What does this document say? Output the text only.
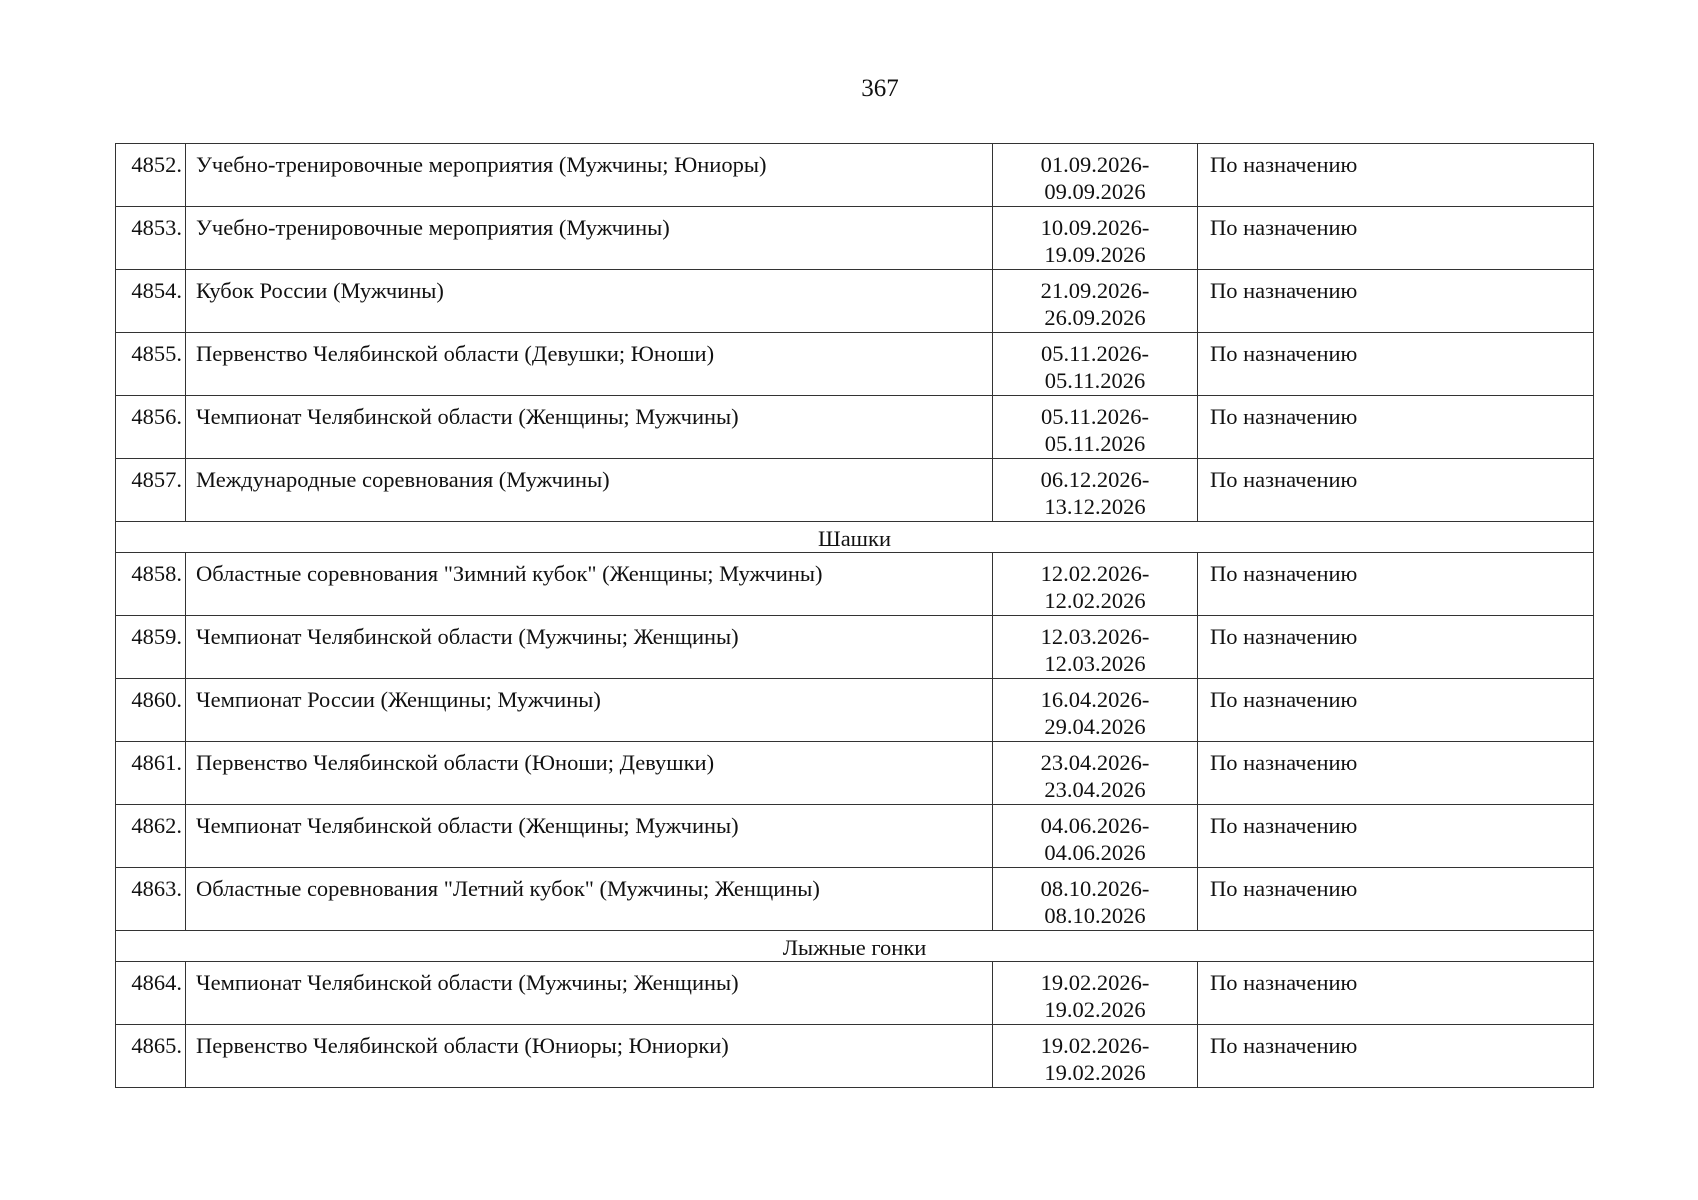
367
4852.	Учебно-тренировочные мероприятия (Мужчины; Юниоры)	01.09.2026-
09.09.2026	По назначению
4853.	Учебно-тренировочные мероприятия (Мужчины)	10.09.2026-
19.09.2026	По назначению
4854.	Кубок России (Мужчины)	21.09.2026-
26.09.2026	По назначению
4855.	Первенство Челябинской области (Девушки; Юноши)	05.11.2026-
05.11.2026	По назначению
4856.	Чемпионат Челябинской области (Женщины; Мужчины)	05.11.2026-
05.11.2026	По назначению
4857.	Международные соревнования (Мужчины)	06.12.2026-
13.12.2026	По назначению
Шашки			
4858.	Областные соревнования "Зимний кубок" (Женщины; Мужчины)	12.02.2026-
12.02.2026	По назначению
4859.	Чемпионат Челябинской области (Мужчины; Женщины)	12.03.2026-
12.03.2026	По назначению
4860.	Чемпионат России (Женщины; Мужчины)	16.04.2026-
29.04.2026	По назначению
4861.	Первенство Челябинской области (Юноши; Девушки)	23.04.2026-
23.04.2026	По назначению
4862.	Чемпионат Челябинской области (Женщины; Мужчины)	04.06.2026-
04.06.2026	По назначению
4863.	Областные соревнования "Летний кубок" (Мужчины; Женщины)	08.10.2026-
08.10.2026	По назначению
Лыжные гонки			
4864.	Чемпионат Челябинской области (Мужчины; Женщины)	19.02.2026-
19.02.2026	По назначению
4865.	Первенство Челябинской области (Юниоры; Юниорки)	19.02.2026-
19.02.2026	По назначению
